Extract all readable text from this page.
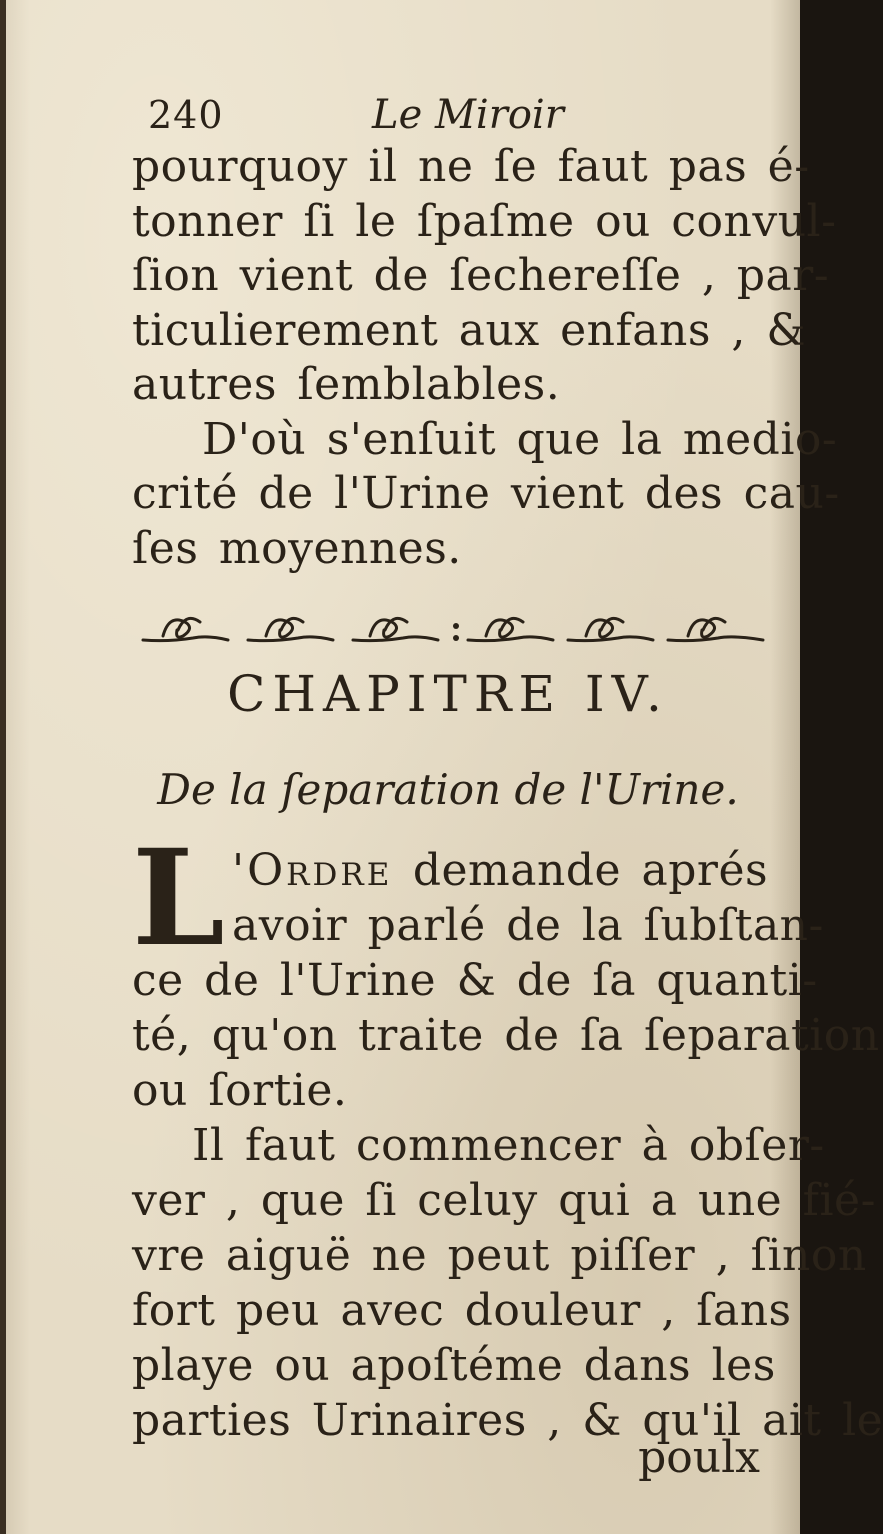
240	Le Miroir
pourquoy il ne ſe faut pas é-
tonner ſi le ſpaſme ou convul-
ſion vient de ſechereſſe , par-
ticulierement aux enfans , &
autres ſemblables.
D'où s'enſuit que la medio-
crité de l'Urine vient des cau-
ſes moyennes.
CHAPITRE IV.
De la ſeparation de l'Urine.
L 'Ordre demande aprés
avoir parlé de la ſubſtan-
ce de l'Urine & de ſa quanti-
té, qu'on traite de ſa ſeparation
ou ſortie.
Il faut commencer à obſer-
ver , que ſi celuy qui a une fié-
vre aiguë ne peut piſſer , ſinon
fort peu avec douleur , ſans
playe ou apoſtéme dans les
parties Urinaires , & qu'il ait le
poulx
